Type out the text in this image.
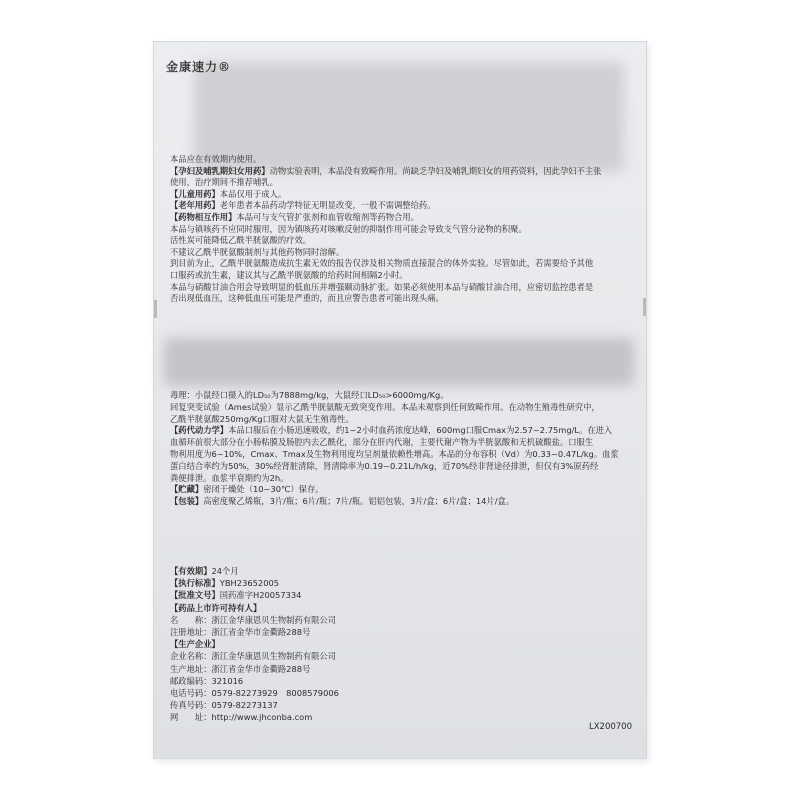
金康速力®

本品应在有效期内使用。

【孕妇及哺乳期妇女用药】动物实验表明，本品没有致畸作用。尚缺乏孕妇及哺乳期妇女的用药资料，因此孕妇不主张

使用，治疗期间不推荐哺乳。

【儿童用药】本品仅用于成人。

【老年用药】老年患者本品药动学特征无明显改变，一般不需调整给药。

【药物相互作用】本品可与支气管扩张剂和血管收缩剂等药物合用。

本品与镇咳药不应同时服用，因为镇咳药对咳嗽反射的抑制作用可能会导致支气管分泌物的积聚。

活性炭可能降低乙酰半胱氨酸的疗效。

不建议乙酰半胱氨酸制剂与其他药物同时溶解。

到目前为止，乙酰半胱氨酸造成抗生素无效的报告仅涉及相关物质直接混合的体外实验。尽管如此，若需要给予其他

口服药或抗生素，建议其与乙酰半胱氨酸的给药时间相隔2小时。

本品与硝酸甘油合用会导致明显的低血压并增强颞动脉扩张。如果必须使用本品与硝酸甘油合用，应密切监控患者是

否出现低血压，这种低血压可能是严重的，而且应警告患者可能出现头痛。

毒理：小鼠经口摄入的LD₅₀为7888mg/kg，大鼠经口LD₅₀>6000mg/Kg。

回复突变试验（Ames试验）显示乙酰半胱氨酸无致突变作用。本品未观察到任何致畸作用。在动物生殖毒性研究中，

乙酰半胱氨酸250mg/Kg口服对大鼠无生殖毒性。

【药代动力学】本品口服后在小肠迅速吸收，约1~2小时血药浓度达峰，600mg口服Cmax为2.57~2.75mg/L。在进入

血循环前很大部分在小肠粘膜及肠腔内去乙酰化，部分在肝内代谢，主要代谢产物为半胱氨酸和无机硫酸盐。口服生

物利用度为6~10%，Cmax、Tmax及生物利用度均呈剂量依赖性增高。本品的分布容积（Vd）为0.33~0.47L/kg。血浆

蛋白结合率约为50%，30%经肾脏清除，肾清除率为0.19~0.21L/h/kg，近70%经非肾途径排泄，但仅有3%原药经

粪便排泄。血浆半衰期约为2h。

【贮藏】密闭干燥处（10~30℃）保存。

【包装】高密度聚乙烯瓶，3片/瓶；6片/瓶；7片/瓶。铝铝包装，3片/盒；6片/盒；14片/盒。

【有效期】24个月

【执行标准】YBH23652005

【批准文号】国药准字H20057334

【药品上市许可持有人】

名　　称：浙江金华康恩贝生物制药有限公司

注册地址：浙江省金华市金衢路288号

【生产企业】

企业名称：浙江金华康恩贝生物制药有限公司

生产地址：浙江省金华市金衢路288号

邮政编码：321016

电话号码：0579-82273929　8008579006

传真号码：0579-82273137

网　　址：http://www.jhconba.com

LX200700
